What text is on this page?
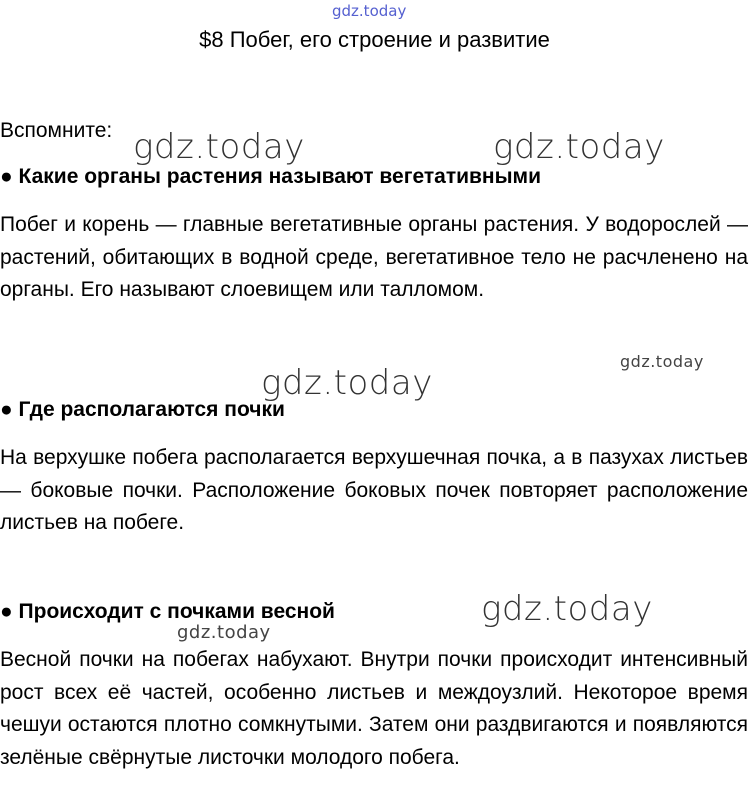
gdz.today
$8 Побег, его строение и развитие
Вспомните:
● Какие органы растения называют вегетативными
Побег и корень — главные вегетативные органы растения. У водорослей — растений, обитающих в водной среде, вегетативное тело не расчленено на органы. Его называют слоевищем или талломом.
● Где располагаются почки
На верхушке побега располагается верхушечная почка, а в пазухах листьев — боковые почки. Расположение боковых почек повторяет расположение листьев на побеге.
● Происходит с почками весной
Весной почки на побегах набухают. Внутри почки происходит интенсивный рост всех её частей, особенно листьев и междоузлий. Некоторое время чешуи остаются плотно сомкнутыми. Затем они раздвигаются и появляются зелёные свёрнутые листочки молодого побега.
gdz.today	gdz.today
gdz.today
gdz.today
gdz.today
gdz.today
